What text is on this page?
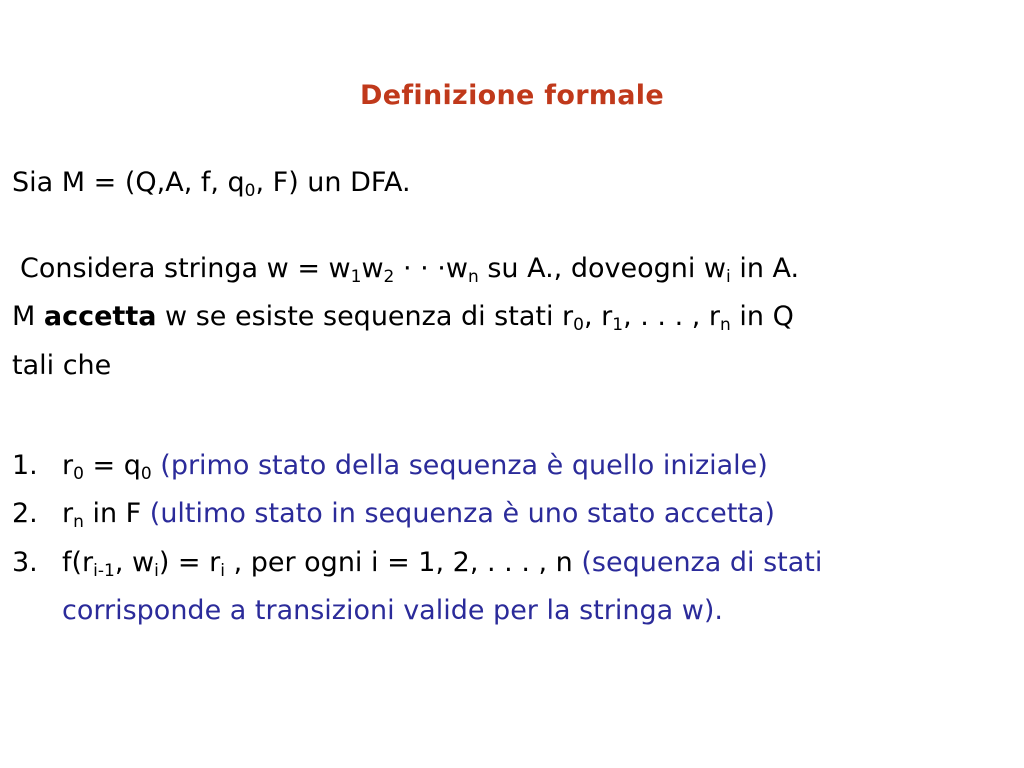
Definizione formale
Sia M = (Q,A, f, $q_0$, F) un DFA.
Considera stringa $w = w_1w_2$ · · $\cdot w_n$ su A., doveogni $w_i$ in A.
M accetta w se esiste sequenza di stati $r_0$, $r_1$, . . . , $r_n$ in Q
tali che
1. $r_0 = q_0$ (primo stato della sequenza è quello iniziale)
2. $r_n$ in F (ultimo stato in sequenza è uno stato accetta)
3. $f(r_{i-1}$, $w_i) = r_i$ , per ogni i = 1, 2, . . . , n (sequenza di stati
corrisponde a transizioni valide per la stringa w).
